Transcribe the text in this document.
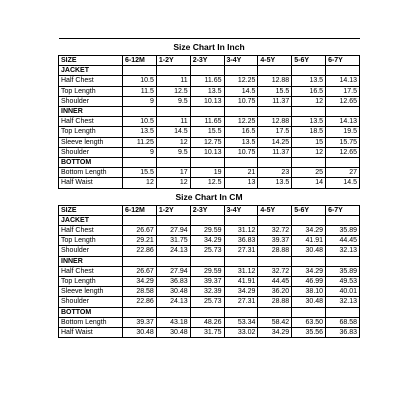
Size Chart In Inch							
SIZE	6-12M	1-2Y	2-3Y	3-4Y	4-5Y	5-6Y	6-7Y
JACKET							
Half Chest	10.5	11	11.65	12.25	12.88	13.5	14.13
Top Length	11.5	12.5	13.5	14.5	15.5	16.5	17.5
Shoulder	9	9.5	10.13	10.75	11.37	12	12.65
INNER							
Half Chest	10.5	11	11.65	12.25	12.88	13.5	14.13
Top Length	13.5	14.5	15.5	16.5	17.5	18.5	19.5
Sleeve length	11.25	12	12.75	13.5	14.25	15	15.75
Shoulder	9	9.5	10.13	10.75	11.37	12	12.65
BOTTOM							
Bottom Length	15.5	17	19	21	23	25	27
Half Waist	12	12	12.5	13	13.5	14	14.5
Size Chart In CM							
SIZE	6-12M	1-2Y	2-3Y	3-4Y	4-5Y	5-6Y	6-7Y
JACKET							
Half Chest	26.67	27.94	29.59	31.12	32.72	34.29	35.89
Top Length	29.21	31.75	34.29	36.83	39.37	41.91	44.45
Shoulder	22.86	24.13	25.73	27.31	28.88	30.48	32.13
INNER							
Half Chest	26.67	27.94	29.59	31.12	32.72	34.29	35.89
Top Length	34.29	36.83	39.37	41.91	44.45	46.99	49.53
Sleeve length	28.58	30.48	32.39	34.29	36.20	38.10	40.01
Shoulder	22.86	24.13	25.73	27.31	28.88	30.48	32.13
BOTTOM							
Bottom Length	39.37	43.18	48.26	53.34	58.42	63.50	68.58
Half Waist	30.48	30.48	31.75	33.02	34.29	35.56	36.83
